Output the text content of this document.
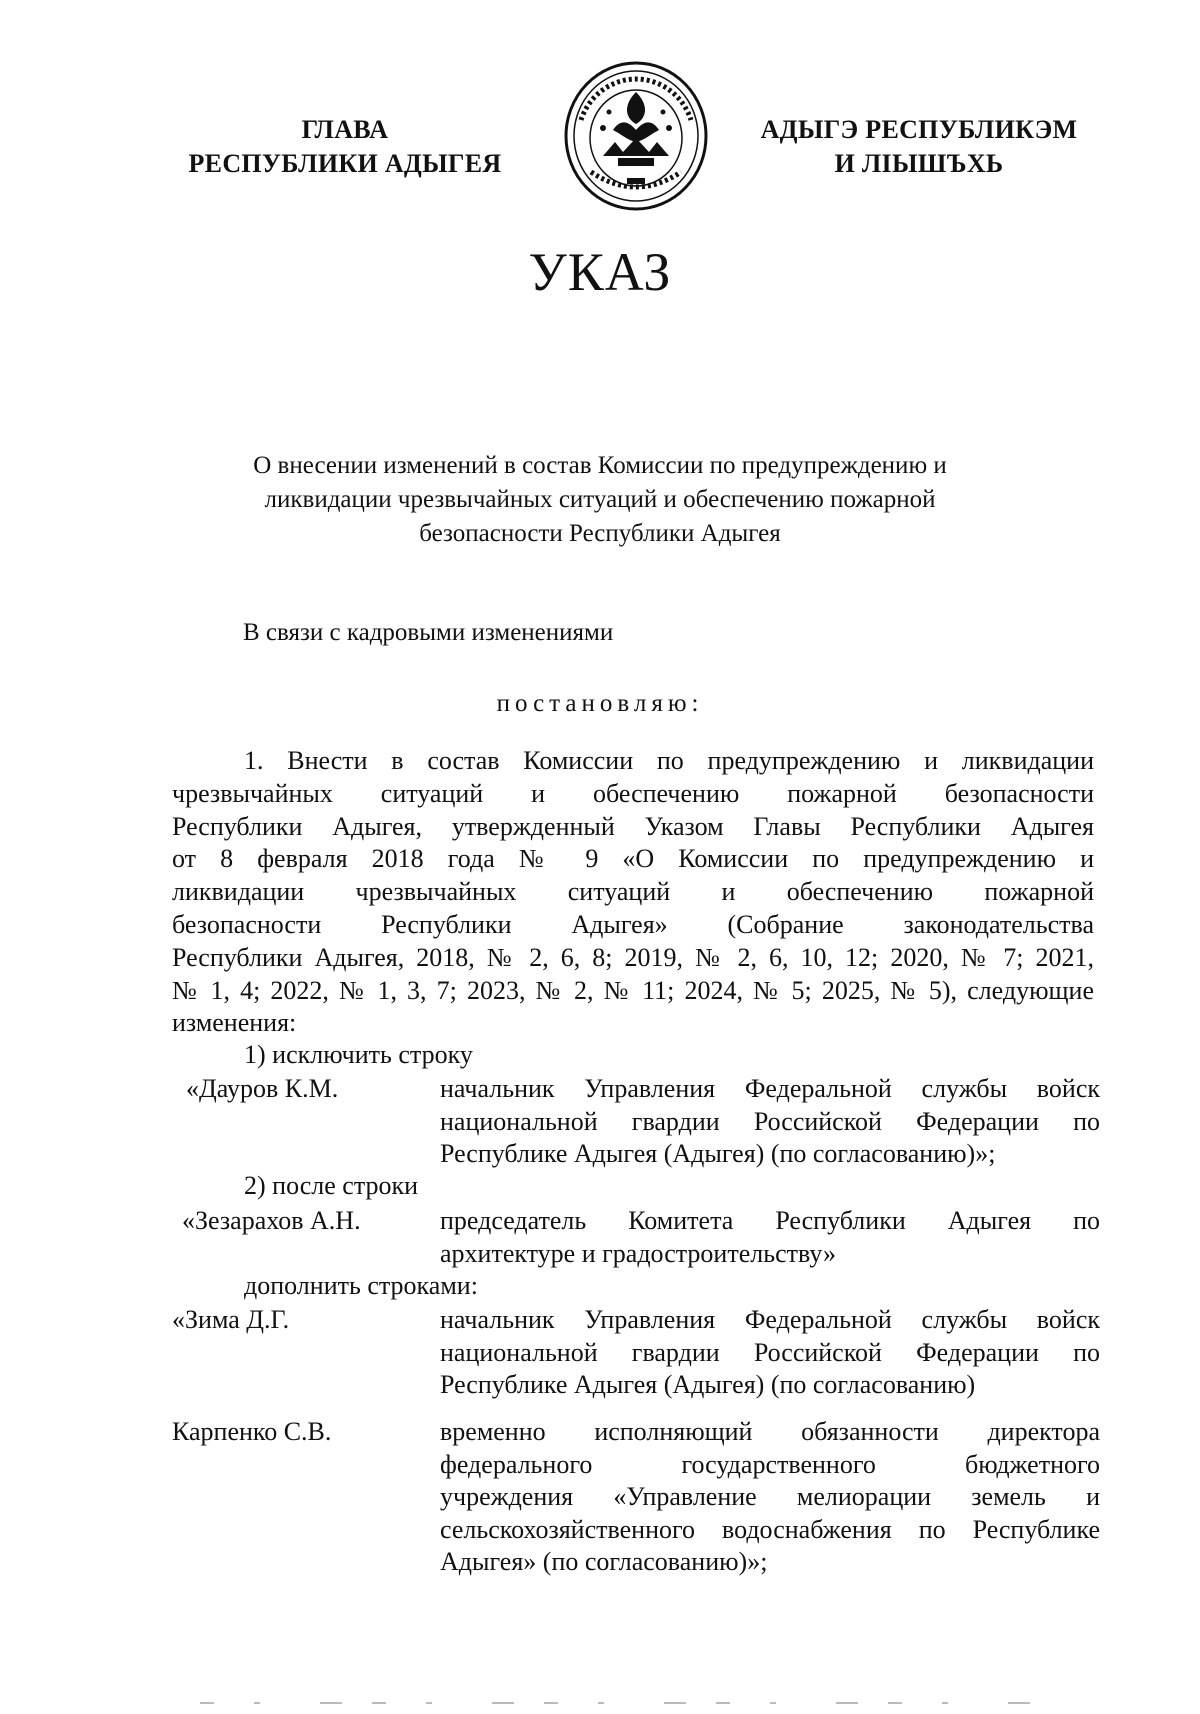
ГЛАВА
РЕСПУБЛИКИ АДЫГЕЯ
АДЫГЭ РЕСПУБЛИКЭМ
И ЛІЫШЪХЬ
УКАЗ
О внесении изменений в состав Комиссии по предупреждению и
ликвидации чрезвычайных ситуаций и обеспечению пожарной
безопасности Республики Адыгея
В связи с кадровыми изменениями
постановляю:
1. Внести в состав Комиссии по предупреждению и ликвидации
чрезвычайных ситуаций и обеспечению пожарной безопасности
Республики Адыгея, утвержденный Указом Главы Республики Адыгея
от 8 февраля 2018 года № 9 «О Комиссии по предупреждению и
ликвидации чрезвычайных ситуаций и обеспечению пожарной
безопасности Республики Адыгея» (Собрание законодательства
Республики Адыгея, 2018, № 2, 6, 8; 2019, № 2, 6, 10, 12; 2020, № 7; 2021,
№ 1, 4; 2022, № 1, 3, 7; 2023, № 2, № 11; 2024, № 5; 2025, № 5), следующие
изменения:
1) исключить строку
«Дауров К.М.	начальник Управления Федеральной службы войск
национальной гвардии Российской Федерации по
Республике Адыгея (Адыгея) (по согласованию)»;
2) после строки
«Зезарахов А.Н.	председатель Комитета Республики Адыгея по
архитектуре и градостроительству»
дополнить строками:
«Зима Д.Г.	начальник Управления Федеральной службы войск
национальной гвардии Российской Федерации по
Республике Адыгея (Адыгея) (по согласованию)
Карпенко С.В.	временно исполняющий обязанности директора
федерального государственного бюджетного
учреждения «Управление мелиорации земель и
сельскохозяйственного водоснабжения по Республике
Адыгея» (по согласованию)»;
